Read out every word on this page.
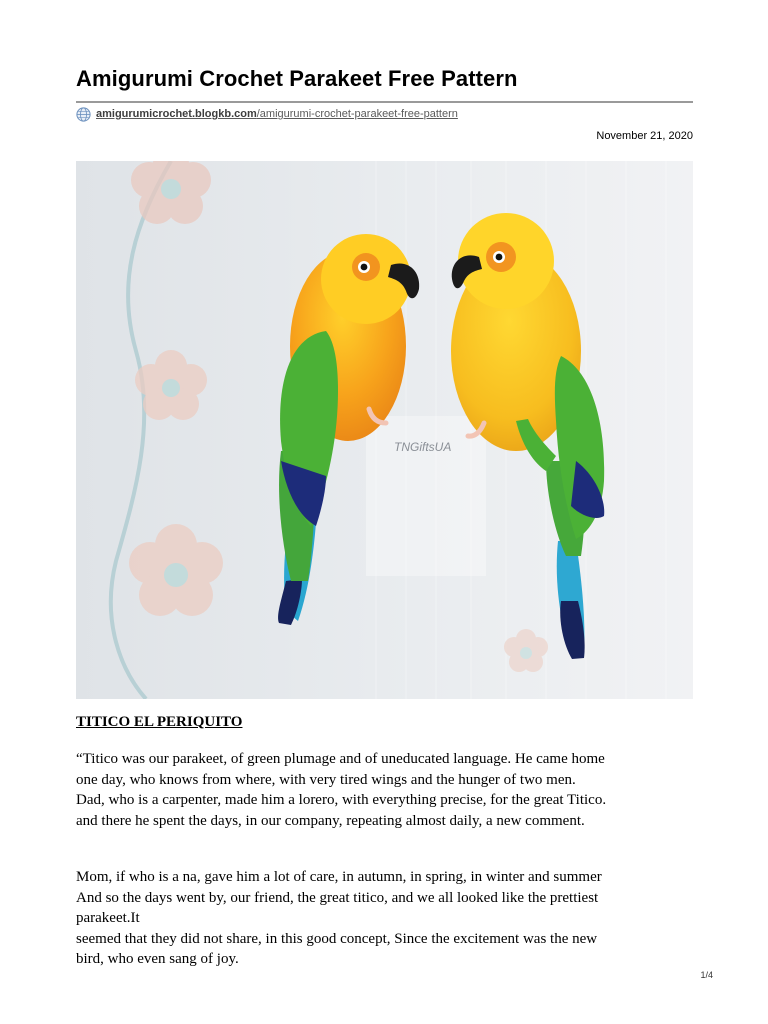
Amigurumi Crochet Parakeet Free Pattern
amigurumicrochet.blogkb.com/amigurumi-crochet-parakeet-free-pattern
November 21, 2020
TNGiftsUA
TITICO EL PERIQUITO
“Titico was our parakeet, of green plumage and of uneducated language. He came home
one day, who knows from where, with very tired wings and the hunger of two men.
Dad, who is a carpenter, made him a lorero, with everything precise, for the great Titico.
and there he spent the days, in our company, repeating almost daily, a new comment.
Mom, if who is a na, gave him a lot of care, in autumn, in spring, in winter and summer
And so the days went by, our friend, the great titico, and we all looked like the prettiest
parakeet.It
seemed that they did not share, in this good concept, Since the excitement was the new
bird, who even sang of joy.
1/4
